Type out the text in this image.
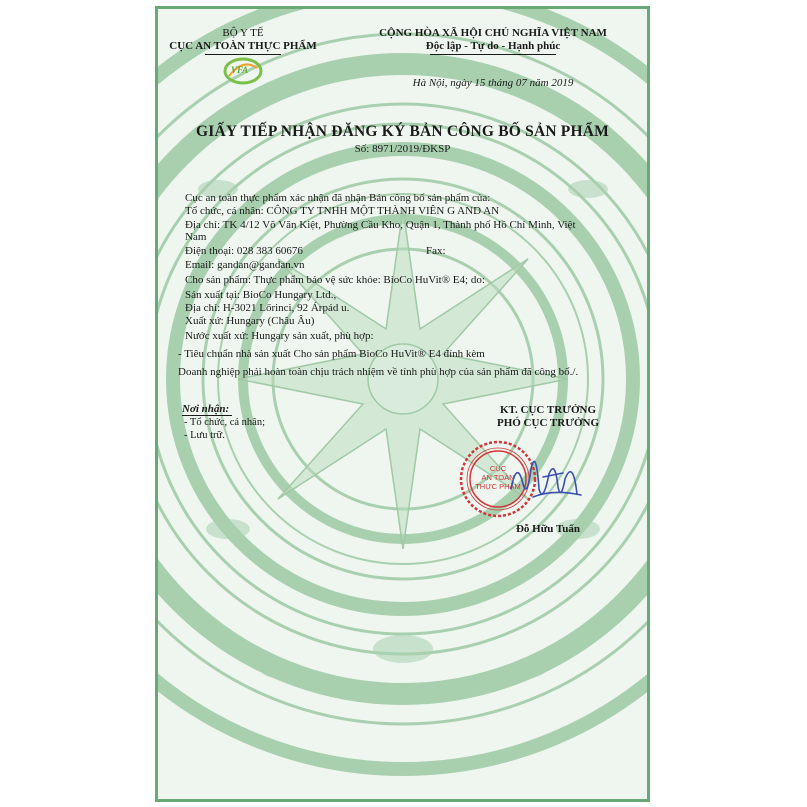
BỘ Y TẾ
CỤC AN TOÀN THỰC PHẨM
VFA
CỘNG HÒA XÃ HỘI CHỦ NGHĨA VIỆT NAM
Độc lập - Tự do - Hạnh phúc
Hà Nội, ngày 15 tháng 07 năm 2019
GIẤY TIẾP NHẬN ĐĂNG KÝ BẢN CÔNG BỐ SẢN PHẨM
Số: 8971/2019/ĐKSP
Cục an toàn thực phẩm xác nhận đã nhận Bản công bố sản phẩm của:
Tổ chức, cá nhân: CÔNG TY TNHH MỘT THÀNH VIÊN G AND AN
Địa chỉ: TK 4/12 Võ Văn Kiệt, Phường Cầu Kho, Quận 1, Thành phố Hồ Chí Minh, Việt
Nam
Điện thoại: 028 383 60676	Fax:
Email: gandan@gandan.vn
Cho sản phẩm: Thực phẩm bảo vệ sức khỏe: BioCo HuVit® E4; do:
Sản xuất tại: BioCo Hungary Ltd.,
Địa chỉ: H-3021 Lőrinci, 92 Árpád u.
Xuất xứ: Hungary (Châu Âu)
Nước xuất xứ: Hungary sản xuất, phù hợp:
- Tiêu chuẩn nhà sản xuất Cho sản phẩm BioCo HuVit® E4 đính kèm
Doanh nghiệp phải hoàn toàn chịu trách nhiệm về tính phù hợp của sản phẩm đã công bố./.
Nơi nhận:
- Tổ chức, cá nhân;
- Lưu trữ.
KT. CỤC TRƯỞNG
PHÓ CỤC TRƯỞNG
CỤC
AN TOÀN
THỰC PHẨM
Đỗ Hữu Tuấn
